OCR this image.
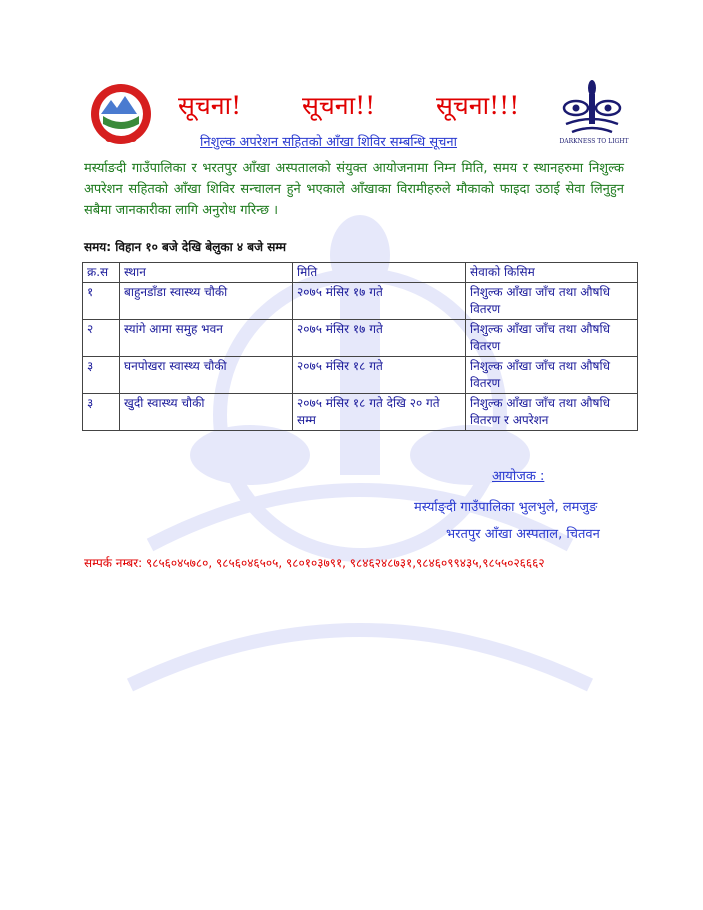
DARKNESS TO LIGHT
सूचना! सूचना!! सूचना!!!
निशुल्क अपरेशन सहितको आँखा शिविर सम्बन्धि सूचना
मर्स्याङदी गाउँपालिका र भरतपुर आँखा अस्पतालको संयुक्त आयोजनामा निम्न मिति, समय र स्थानहरुमा निशुल्क अपरेशन सहितको आँखा शिविर सन्चालन हुने भएकाले आँखाका विरामीहरुले मौकाको फाइदा उठाई सेवा लिनुहुन सबैमा जानकारीका लागि अनुरोध गरिन्छ ।
समय: विहान १० बजे देखि बेलुका ४ बजे सम्म
क्र.स	स्थान	मिति	सेवाको किसिम
१	बाहुनडाँडा स्वास्थ्य चौकी	२०७५ मंसिर १७ गते	निशुल्क आँखा जाँच तथा औषधि वितरण
२	स्यांगे आमा समुह भवन	२०७५ मंसिर १७ गते	निशुल्क आँखा जाँच तथा औषधि वितरण
३	घनपोखरा स्वास्थ्य चौकी	२०७५ मंसिर १८ गते	निशुल्क आँखा जाँच तथा औषधि वितरण
३	खुदी स्वास्थ्य चौकी	२०७५ मंसिर १८ गते देखि २० गते सम्म	निशुल्क आँखा जाँच तथा औषधि वितरण र अपरेशन
आयोजक :
मर्स्याङ्दी गाउँपालिका भुलभुले, लमजुङ
भरतपुर आँखा अस्पताल, चितवन
सम्पर्क नम्बर: ९८५६०४५७८०, ९८५६०४६५०५, ९८०१०३७९१, ९८४६२४८७३१,९८४६०९९४३५,९८५५०२६६६२
